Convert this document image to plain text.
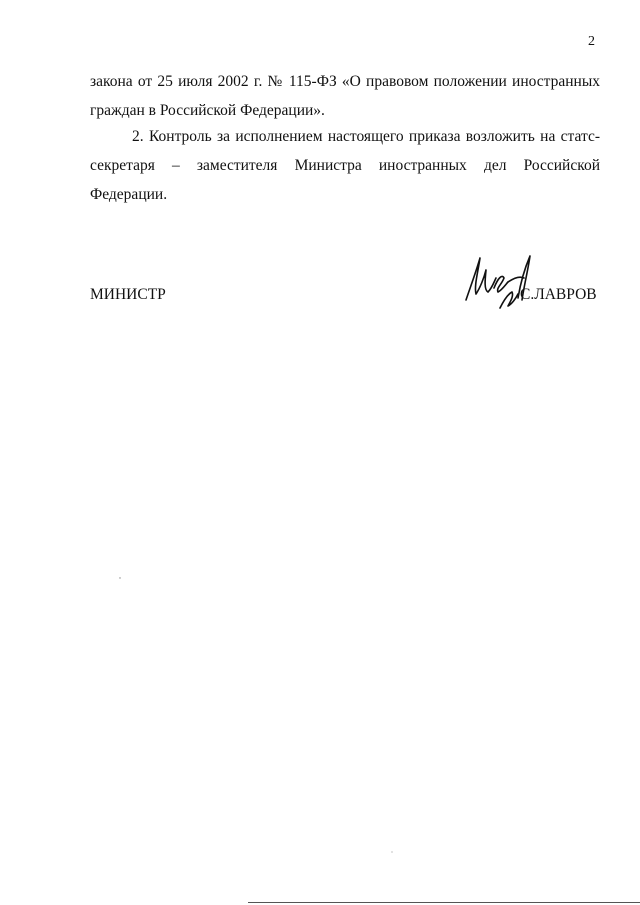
2
закона от 25 июля 2002 г. № 115-ФЗ «О правовом положении иностранных граждан в Российской Федерации».
2. Контроль за исполнением настоящего приказа возложить на статс-секретаря – заместителя Министра иностранных дел Российской Федерации.
МИНИСТР	С.ЛАВРОВ
